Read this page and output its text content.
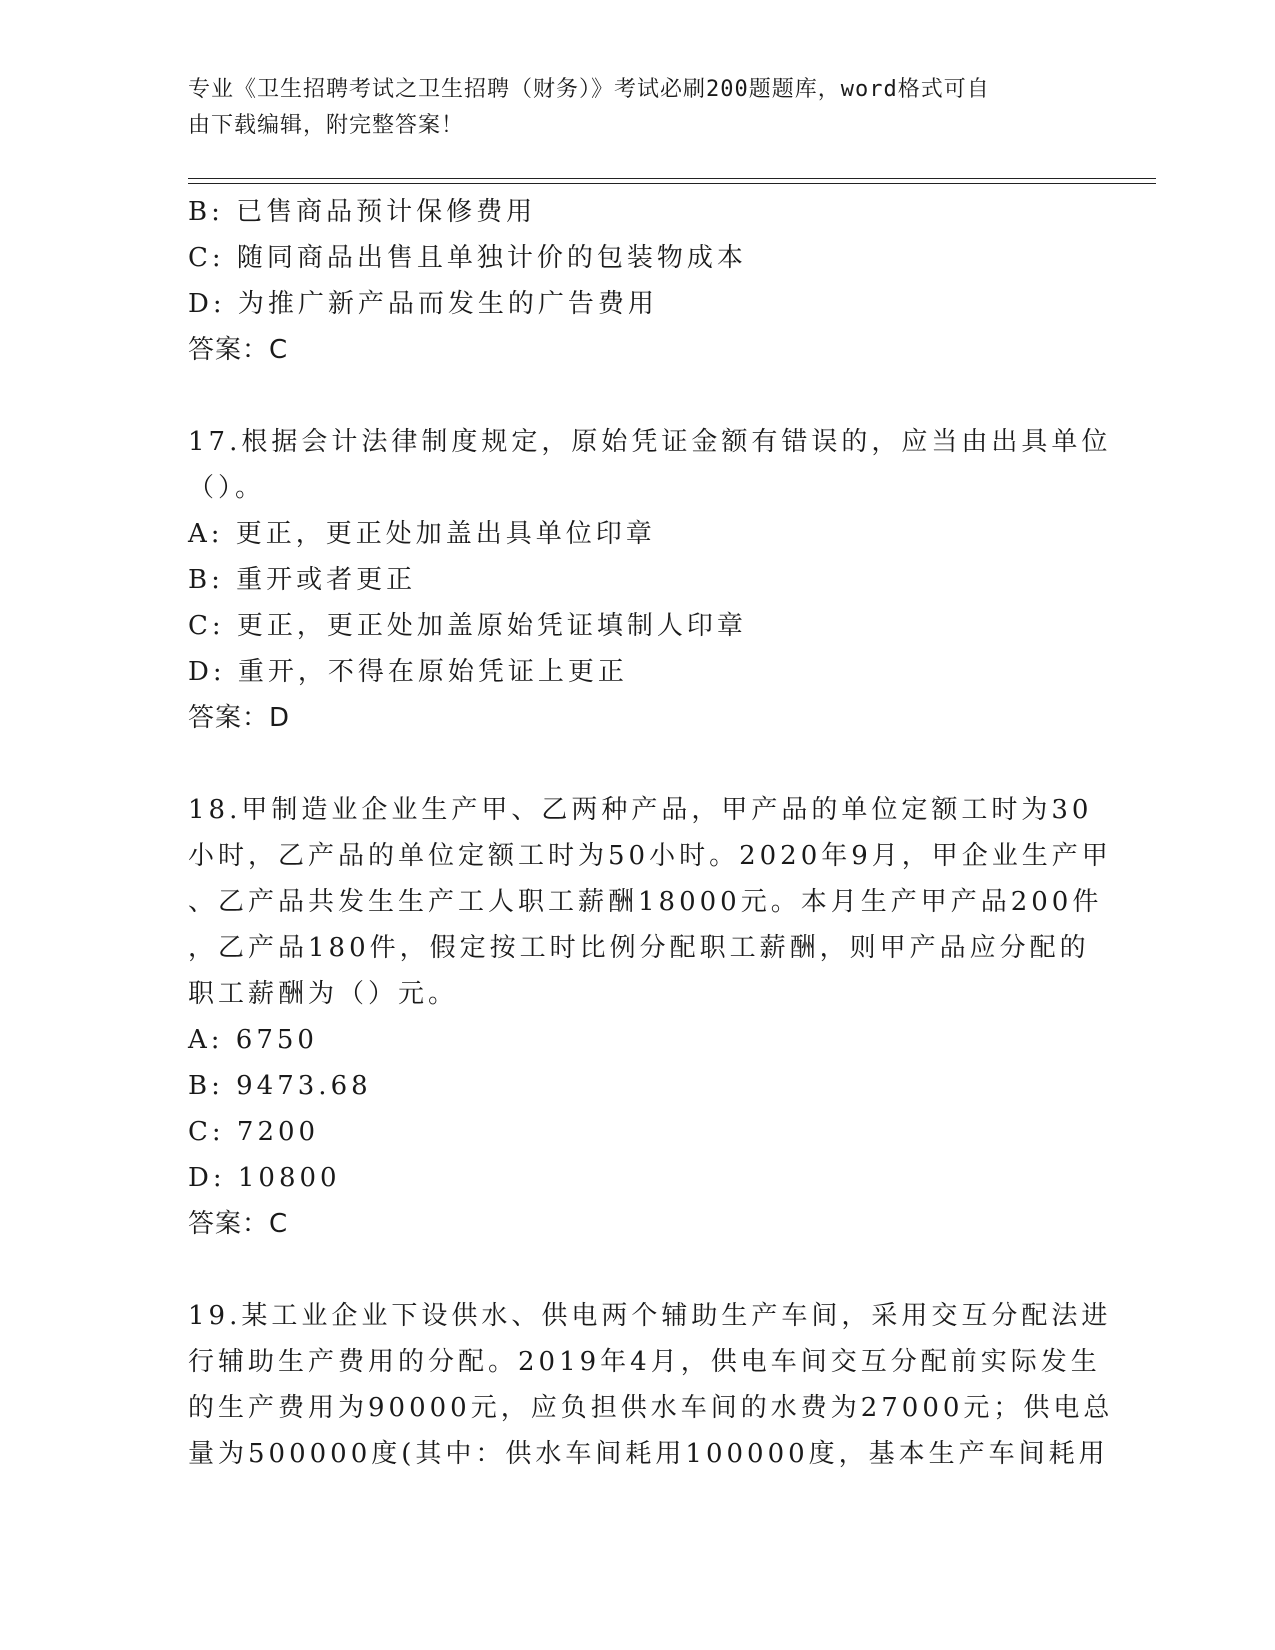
专业《卫生招聘考试之卫生招聘（财务）》考试必刷200题题库，word格式可自
由下载编辑，附完整答案！
B: 已售商品预计保修费用
C: 随同商品出售且单独计价的包装物成本
D: 为推广新产品而发生的广告费用
答案：C
17.根据会计法律制度规定，原始凭证金额有错误的，应当由出具单位
（）。
A: 更正，更正处加盖出具单位印章
B: 重开或者更正
C: 更正，更正处加盖原始凭证填制人印章
D: 重开，不得在原始凭证上更正
答案：D
18.甲制造业企业生产甲、乙两种产品，甲产品的单位定额工时为30
小时，乙产品的单位定额工时为50小时。2020年9月，甲企业生产甲
、乙产品共发生生产工人职工薪酬18000元。本月生产甲产品200件
，乙产品180件，假定按工时比例分配职工薪酬，则甲产品应分配的
职工薪酬为（）元。
A: 6750
B: 9473.68
C: 7200
D: 10800
答案：C
19.某工业企业下设供水、供电两个辅助生产车间，采用交互分配法进
行辅助生产费用的分配。2019年4月，供电车间交互分配前实际发生
的生产费用为90000元，应负担供水车间的水费为27000元；供电总
量为500000度(其中：供水车间耗用100000度，基本生产车间耗用
